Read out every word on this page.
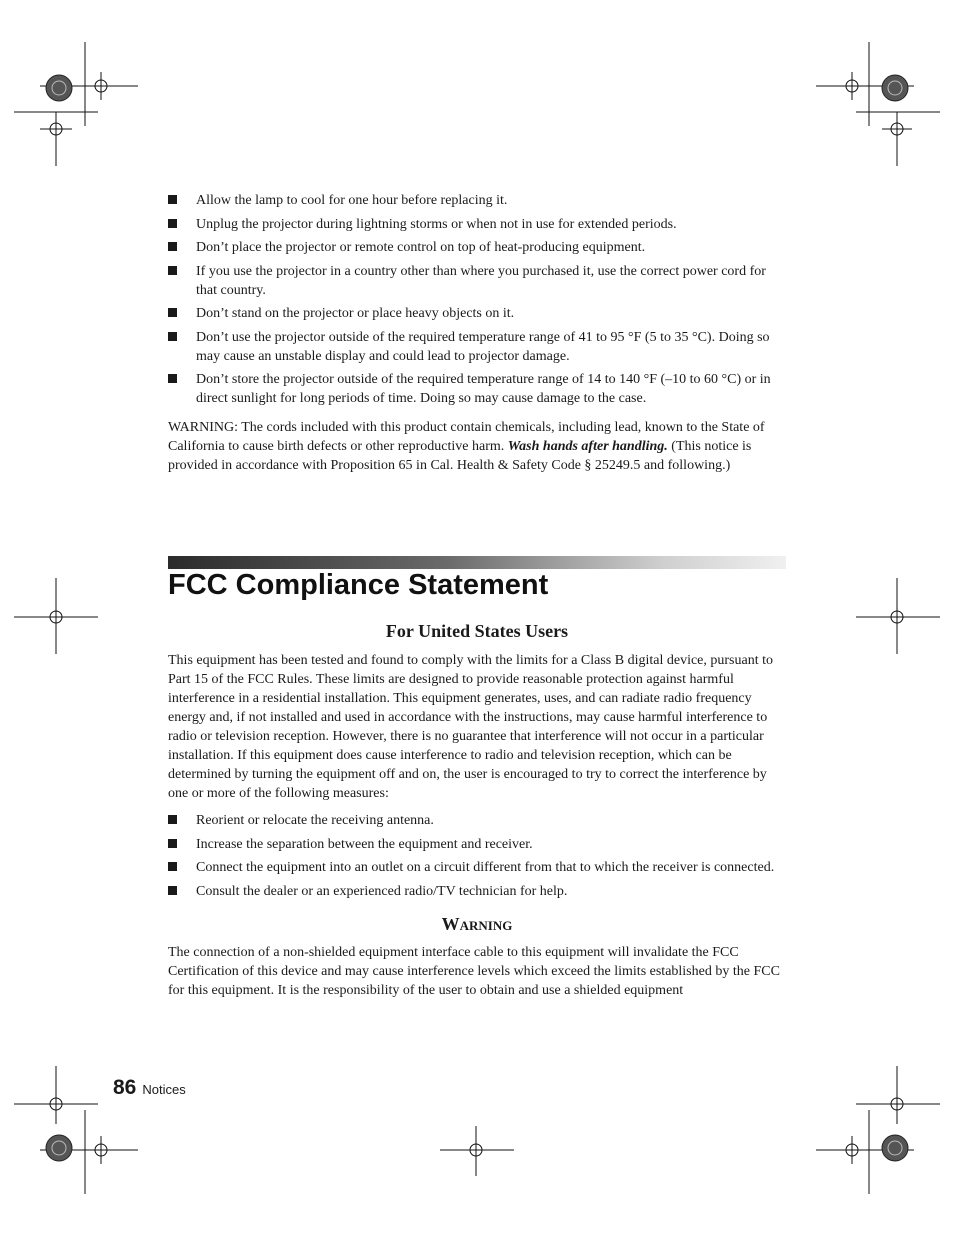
Allow the lamp to cool for one hour before replacing it.
Unplug the projector during lightning storms or when not in use for extended periods.
Don’t place the projector or remote control on top of heat-producing equipment.
If you use the projector in a country other than where you purchased it, use the correct power cord for that country.
Don’t stand on the projector or place heavy objects on it.
Don’t use the projector outside of the required temperature range of 41 to 95 °F (5 to 35 °C). Doing so may cause an unstable display and could lead to projector damage.
Don’t store the projector outside of the required temperature range of 14 to 140 °F (–10 to 60 °C) or in direct sunlight for long periods of time. Doing so may cause damage to the case.

WARNING: The cords included with this product contain chemicals, including lead, known to the State of California to cause birth defects or other reproductive harm. Wash hands after handling. (This notice is provided in accordance with Proposition 65 in Cal. Health & Safety Code § 25249.5 and following.)

FCC Compliance Statement
For United States Users

This equipment has been tested and found to comply with the limits for a Class B digital device, pursuant to Part 15 of the FCC Rules. These limits are designed to provide reasonable protection against harmful interference in a residential installation. This equipment generates, uses, and can radiate radio frequency energy and, if not installed and used in accordance with the instructions, may cause harmful interference to radio or television reception. However, there is no guarantee that interference will not occur in a particular installation. If this equipment does cause interference to radio and television reception, which can be determined by turning the equipment off and on, the user is encouraged to try to correct the interference by one or more of the following measures:

Reorient or relocate the receiving antenna.
Increase the separation between the equipment and receiver.
Connect the equipment into an outlet on a circuit different from that to which the receiver is connected.
Consult the dealer or an experienced radio/TV technician for help.
Warning

The connection of a non-shielded equipment interface cable to this equipment will invalidate the FCC Certification of this device and may cause interference levels which exceed the limits established by the FCC for this equipment. It is the responsibility of the user to obtain and use a shielded equipment

86 Notices
